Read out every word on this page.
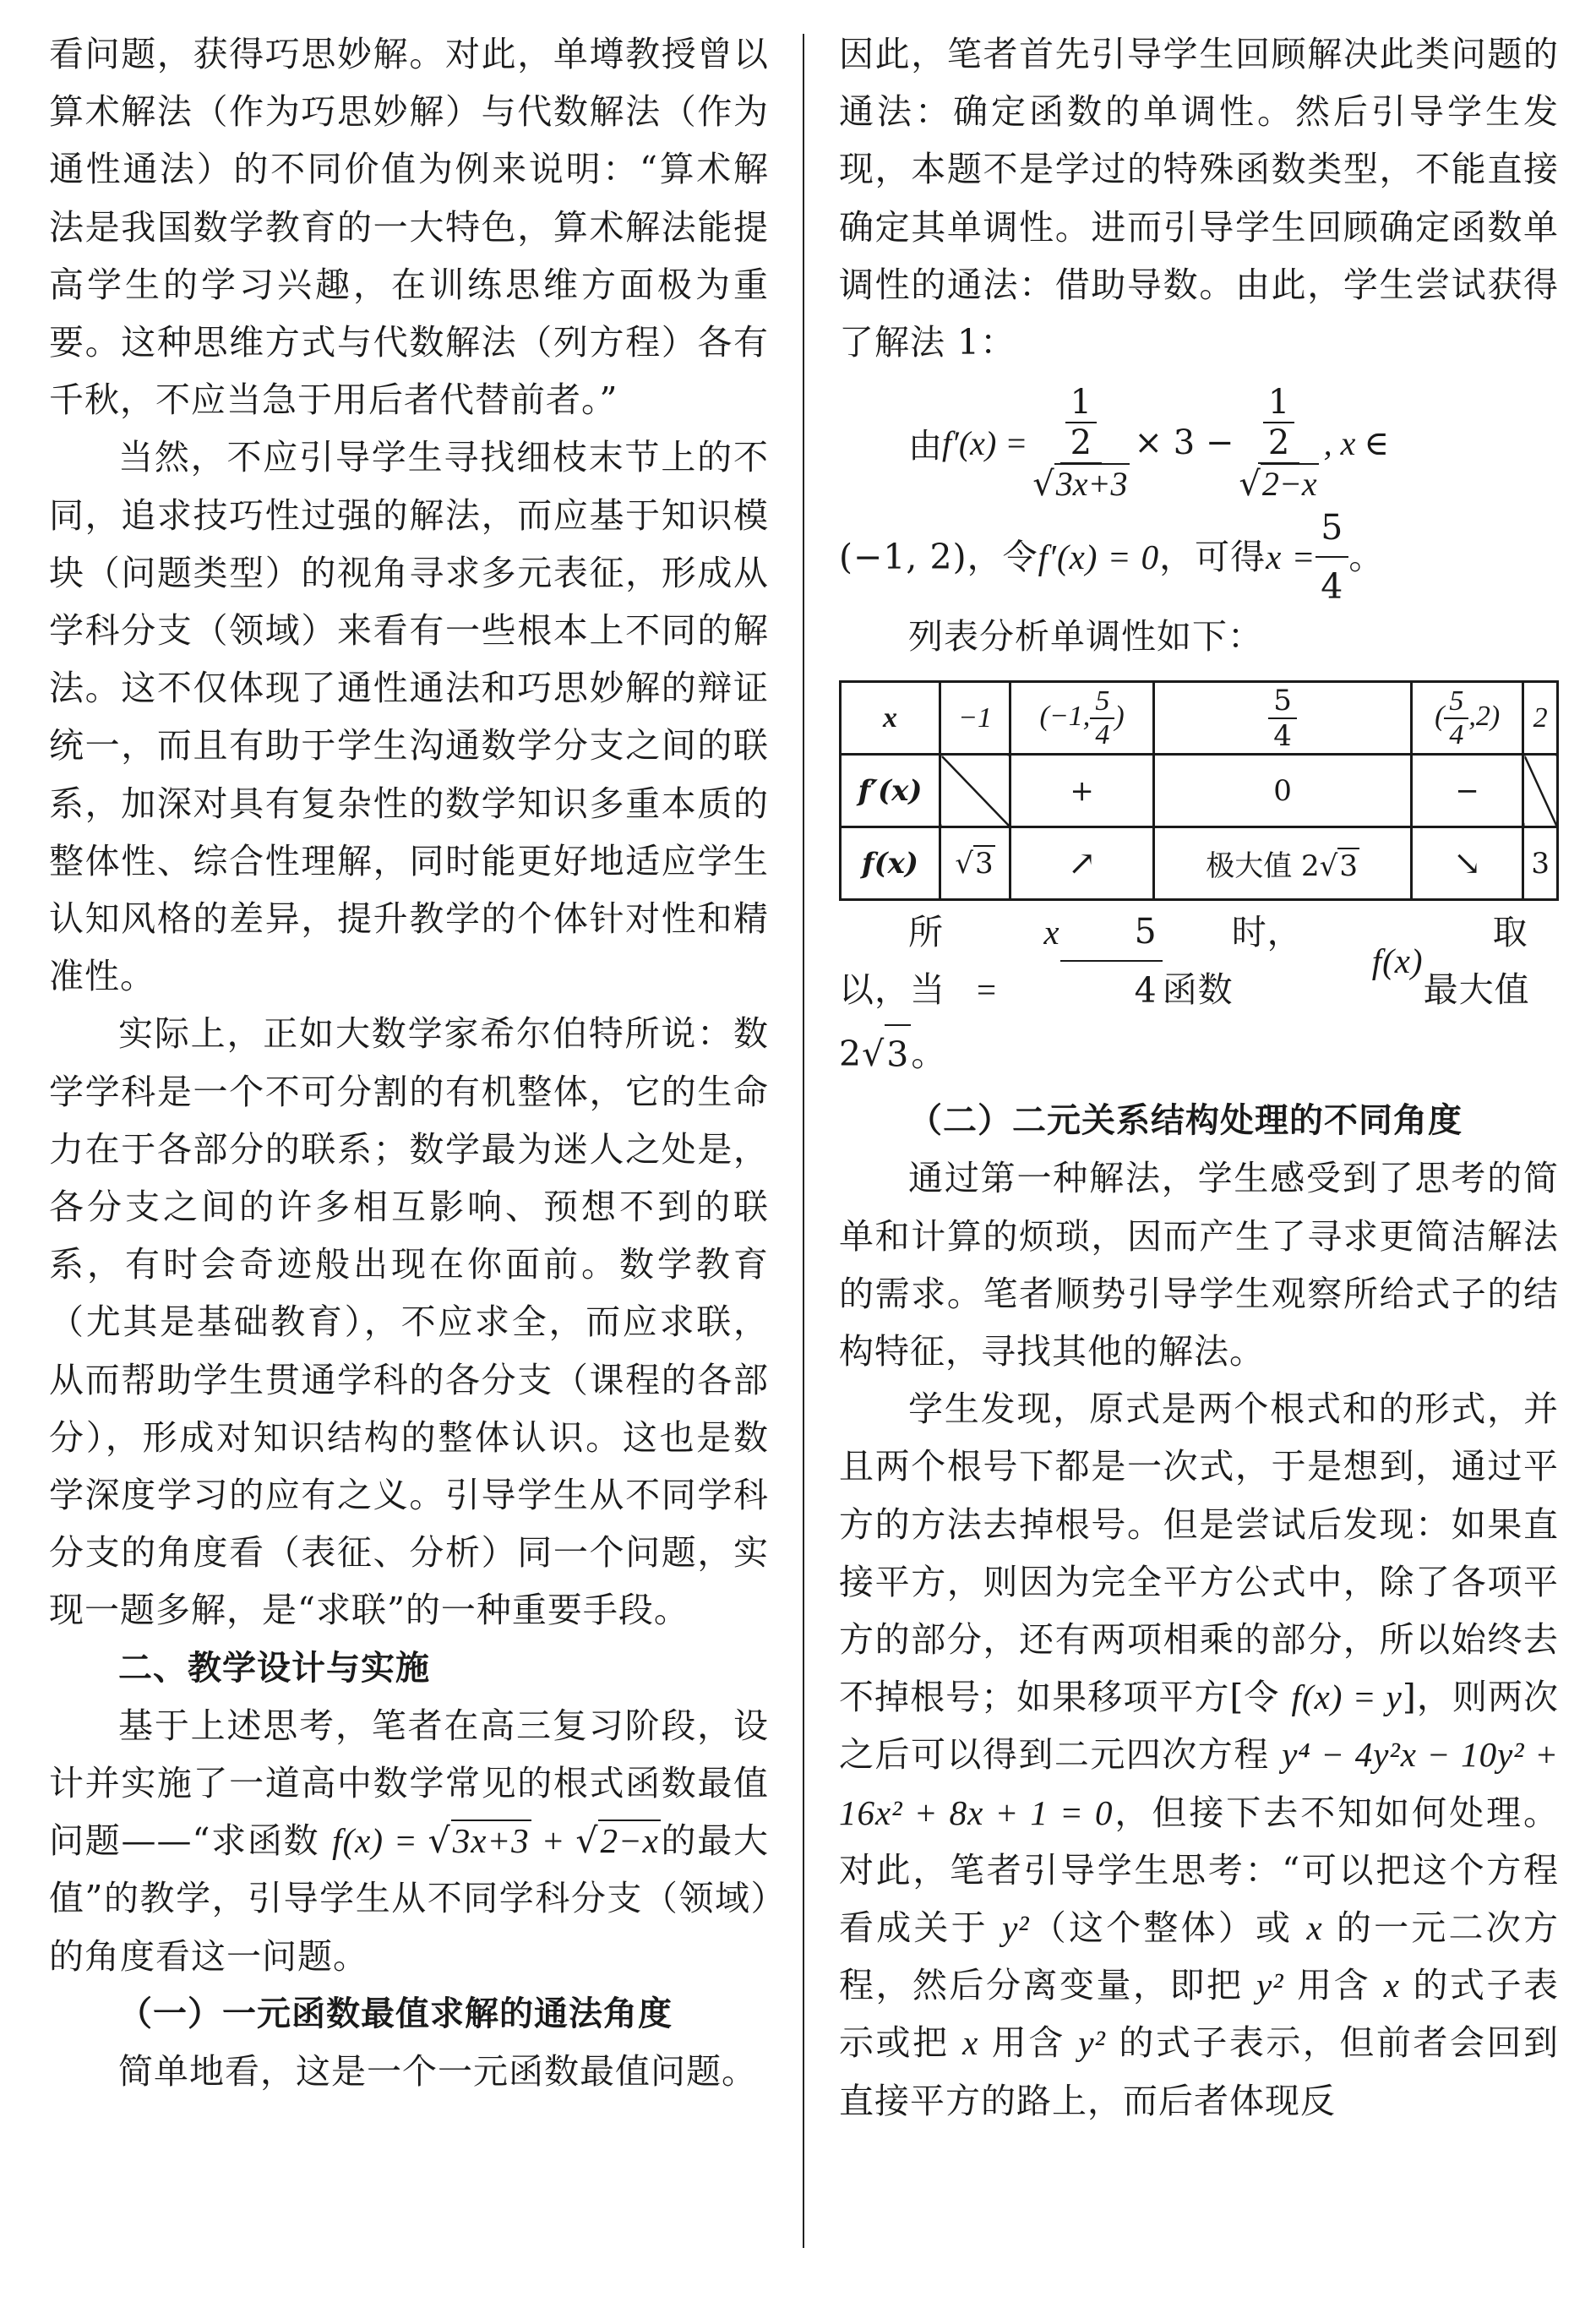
看问题，获得巧思妙解。对此，单墫教授曾以算术解法（作为巧思妙解）与代数解法（作为通性通法）的不同价值为例来说明：“算术解法是我国数学教育的一大特色，算术解法能提高学生的学习兴趣，在训练思维方面极为重要。这种思维方式与代数解法（列方程）各有千秋，不应当急于用后者代替前者。”

当然，不应引导学生寻找细枝末节上的不同，追求技巧性过强的解法，而应基于知识模块（问题类型）的视角寻求多元表征，形成从学科分支（领域）来看有一些根本上不同的解法。这不仅体现了通性通法和巧思妙解的辩证统一，而且有助于学生沟通数学分支之间的联系，加深对具有复杂性的数学知识多重本质的整体性、综合性理解，同时能更好地适应学生认知风格的差异，提升教学的个体针对性和精准性。

实际上，正如大数学家希尔伯特所说：数学学科是一个不可分割的有机整体，它的生命力在于各部分的联系；数学最为迷人之处是，各分支之间的许多相互影响、预想不到的联系，有时会奇迹般出现在你面前。数学教育（尤其是基础教育），不应求全，而应求联，从而帮助学生贯通学科的各分支（课程的各部分），形成对知识结构的整体认识。这也是数学深度学习的应有之义。引导学生从不同学科分支的角度看（表征、分析）同一个问题，实现一题多解，是“求联”的一种重要手段。

二、教学设计与实施

基于上述思考，笔者在高三复习阶段，设计并实施了一道高中数学常见的根式函数最值问题——“求函数 f(x) = √3x+3 + √2−x的最大值”的教学，引导学生从不同学科分支（领域）的角度看这一问题。

（一）一元函数最值求解的通法角度

简单地看，这是一个一元函数最值问题。

因此，笔者首先引导学生回顾解决此类问题的通法：确定函数的单调性。然后引导学生发现，本题不是学过的特殊函数类型，不能直接确定其单调性。进而引导学生回顾确定函数单调性的通法：借助导数。由此，学生尝试获得了解法 1：

由 $f'(x) = \frac{\frac{1}{2}}{√3x+3} \times 3 - \frac{\frac{1}{2}}{√2-x}$ , x ∈

(−1, 2)，令 f′(x) = 0 ，可得 $x = \frac{5}{4}$ 。

列表分析单调性如下：

x	−1	(−1, $\frac{5}{4}$ )	$\frac{5}{4}$	( $\frac{5}{4} ,2$)	2
f′(x)		+	0	−	
f(x)	√3	↗	极大值 2√3	↘	3

所以，当
x =	$\frac{5}{4}$	时，函数
f(x)
取最大值

2 √ 3 。

（二）二元关系结构处理的不同角度

通过第一种解法，学生感受到了思考的简单和计算的烦琐，因而产生了寻求更简洁解法的需求。笔者顺势引导学生观察所给式子的结构特征，寻找其他的解法。

学生发现，原式是两个根式和的形式，并且两个根号下都是一次式，于是想到，通过平方的方法去掉根号。但是尝试后发现：如果直接平方，则因为完全平方公式中，除了各项平方的部分，还有两项相乘的部分，所以始终去不掉根号；如果移项平方[令 f(x) = y]，则两次之后可以得到二元四次方程 y⁴ − 4y²x − 10y² + 16x² + 8x + 1 = 0，但接下去不知如何处理。对此，笔者引导学生思考：“可以把这个方程看成关于 y²（这个整体）或 x 的一元二次方程，然后分离变量，即把 y² 用含 x 的式子表示或把 x 用含 y² 的式子表示，但前者会回到直接平方的路上，而后者体现反
